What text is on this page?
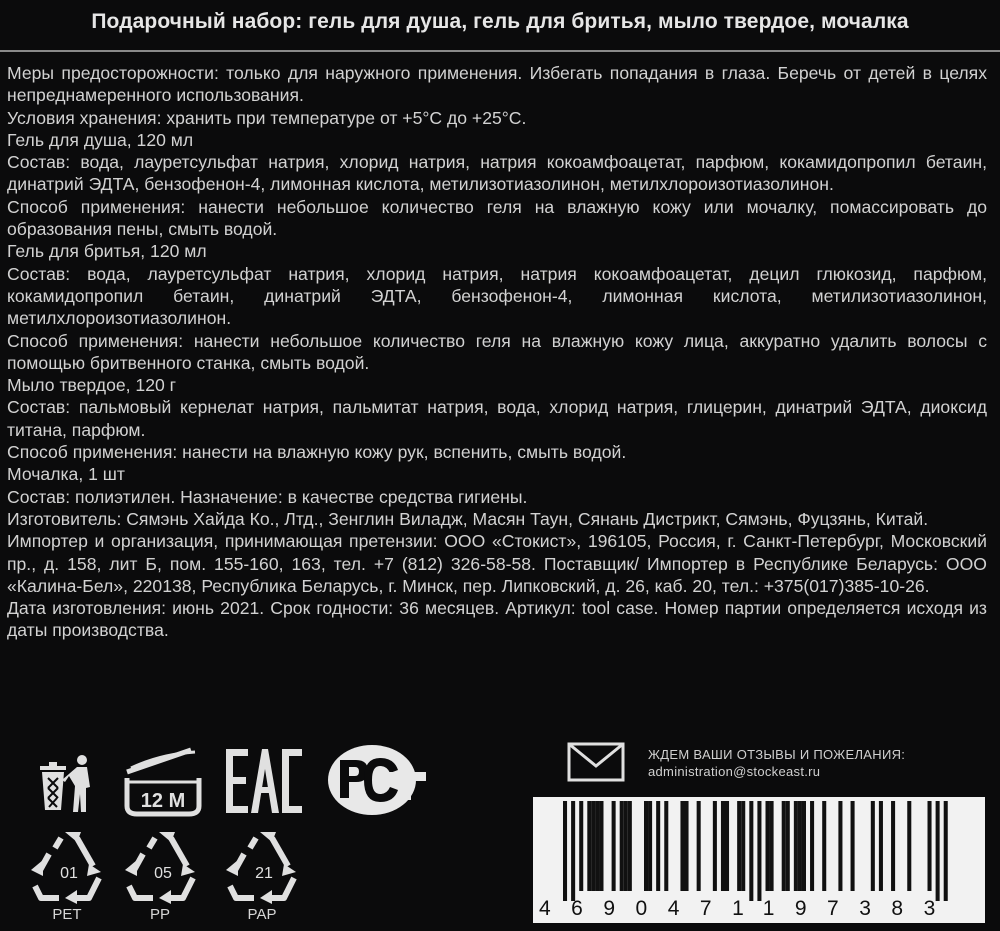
Подарочный набор: гель для душа, гель для бритья, мыло твердое, мочалка

Меры предосторожности: только для наружного применения. Избегать попадания в глаза. Беречь от детей в целях непреднамеренного использования.

Условия хранения: хранить при температуре от +5°С до +25°С.

Гель для душа, 120 мл

Состав: вода, лауретсульфат натрия, хлорид натрия, натрия кокоамфоацетат, парфюм, кокамидопропил бетаин, динатрий ЭДТА, бензофенон-4, лимонная кислота, метилизотиазолинон, метилхлороизотиазолинон.

Способ применения: нанести небольшое количество геля на влажную кожу или мочалку, помассировать до образования пены, смыть водой.

Гель для бритья, 120 мл

Состав: вода, лауретсульфат натрия, хлорид натрия, натрия кокоамфоацетат, децил глюкозид, парфюм, кокамидопропил бетаин, динатрий ЭДТА, бензофенон-4, лимонная кислота, метилизотиазолинон, метилхлороизотиазолинон.

Способ применения: нанести небольшое количество геля на влажную кожу лица, аккуратно удалить волосы с помощью бритвенного станка, смыть водой.

Мыло твердое, 120 г

Состав: пальмовый кернелат натрия, пальмитат натрия, вода, хлорид натрия, глицерин, динатрий ЭДТА, диоксид титана, парфюм.

Способ применения: нанести на влажную кожу рук, вспенить, смыть водой.

Мочалка, 1 шт

Состав: полиэтилен. Назначение: в качестве средства гигиены.

Изготовитель: Сямэнь Хайда Ко., Лтд., Зенглин Виладж, Масян Таун, Сянань Дистрикт, Сямэнь, Фуцзянь, Китай.

Импортер и организация, принимающая претензии: ООО «Стокист», 196105, Россия, г. Санкт-Петербург, Московский пр., д. 158, лит Б, пом. 155-160, 163, тел. +7 (812) 326-58-58. Поставщик/ Импортер в Республике Беларусь: ООО «Калина-Бел», 220138, Республика Беларусь, г. Минск, пер. Липковский, д. 26, каб. 20, тел.: +375(017)385-10-26.

Дата изготовления: июнь 2021. Срок годности: 36 месяцев. Артикул: tool case. Номер партии определяется исходя из даты производства.

12 M
01
PET
05
PP
21
PAP
ЖДЕМ ВАШИ ОТЗЫВЫ И ПОЖЕЛАНИЯ:
administration@stockeast.ru
4690471197383
